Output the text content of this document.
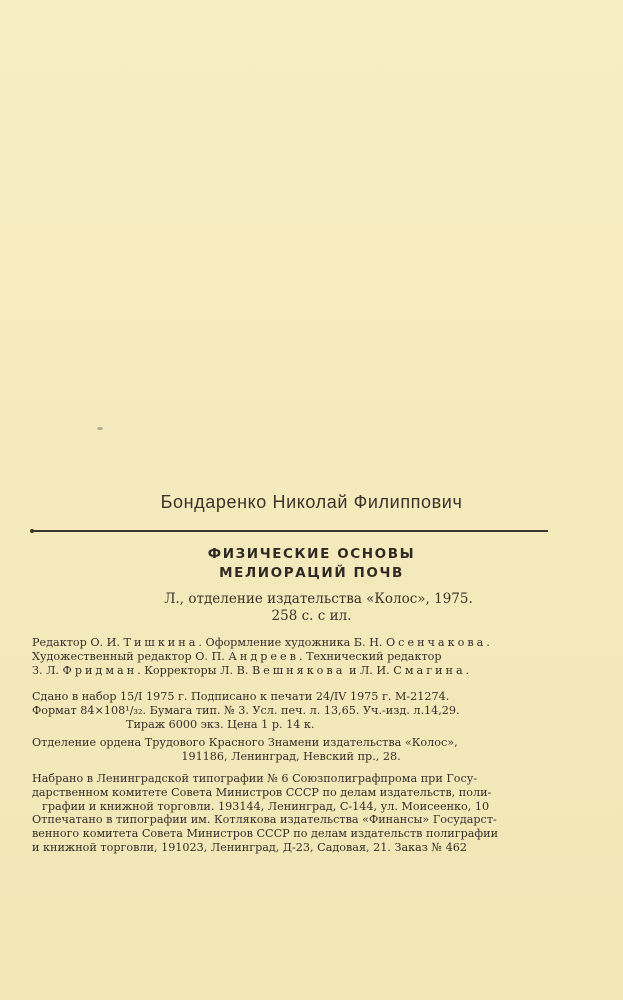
Бондаренко Николай Филиппович
ФИЗИЧЕСКИЕ ОСНОВЫ
МЕЛИОРАЦИЙ ПОЧВ
Л., отделение издательства «Колос», 1975.
258 с. с ил.
Редактор О. И. Тишкина. Оформление художника Б. Н. Осенчакова.
Художественный редактор О. П. Андреев. Технический редактор
З. Л. Фридман. Корректоры Л. В. Вешнякова и Л. И. Смагина.
Сдано в набор 15/I 1975 г. Подписано к печати 24/IV 1975 г. М-21274.
Формат 84×108¹/₃₂. Бумага тип. № 3. Усл. печ. л. 13,65. Уч.-изд. л.14,29.
Тираж 6000 экз. Цена 1 р. 14 к.
Отделение ордена Трудового Красного Знамени издательства «Колос»,
191186, Ленинград, Невский пр., 28.
Набрано в Ленинградской типографии № 6 Союзполиграфпрома при Госу-
дарственном комитете Совета Министров СССР по делам издательств, поли-
графии и книжной торговли. 193144, Ленинград, С-144, ул. Моисеенко, 10
Отпечатано в типографии им. Котлякова издательства «Финансы» Государст-
венного комитета Совета Министров СССР по делам издательств полиграфии
и книжной торговли, 191023, Ленинград, Д-23, Садовая, 21. Заказ № 462
